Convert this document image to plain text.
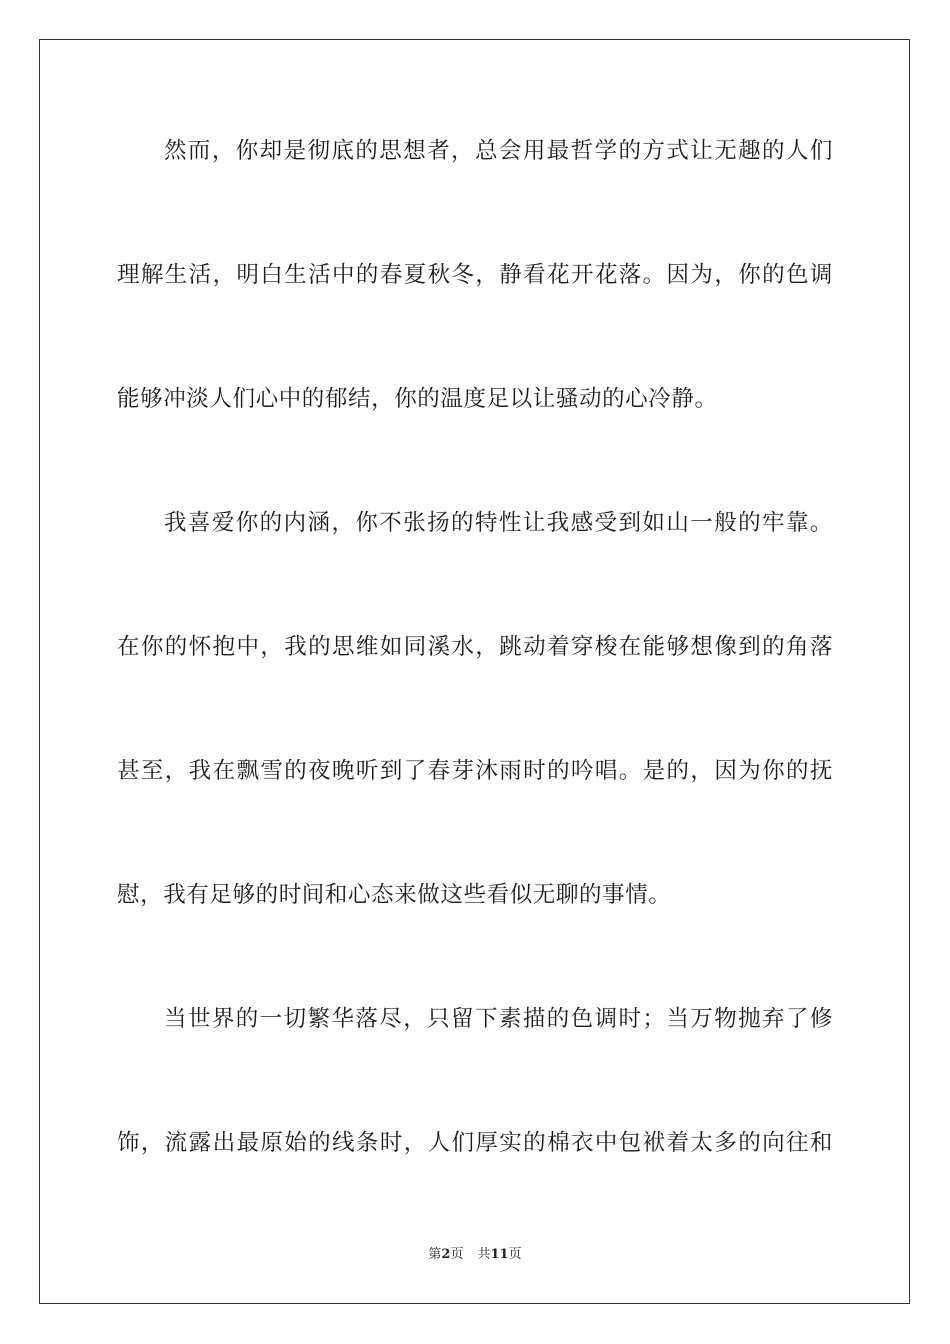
然而，你却是彻底的思想者，总会用最哲学的方式让无趣的人们
理解生活，明白生活中的春夏秋冬，静看花开花落。因为，你的色调
能够冲淡人们心中的郁结，你的温度足以让骚动的心冷静。
我喜爱你的内涵，你不张扬的特性让我感受到如山一般的牢靠。
在你的怀抱中，我的思维如同溪水，跳动着穿梭在能够想像到的角落
甚至，我在飘雪的夜晚听到了春芽沐雨时的吟唱。是的，因为你的抚
慰，我有足够的时间和心态来做这些看似无聊的事情。
当世界的一切繁华落尽，只留下素描的色调时；当万物抛弃了修
饰，流露出最原始的线条时，人们厚实的棉衣中包袱着太多的向往和
第2页 共11页
